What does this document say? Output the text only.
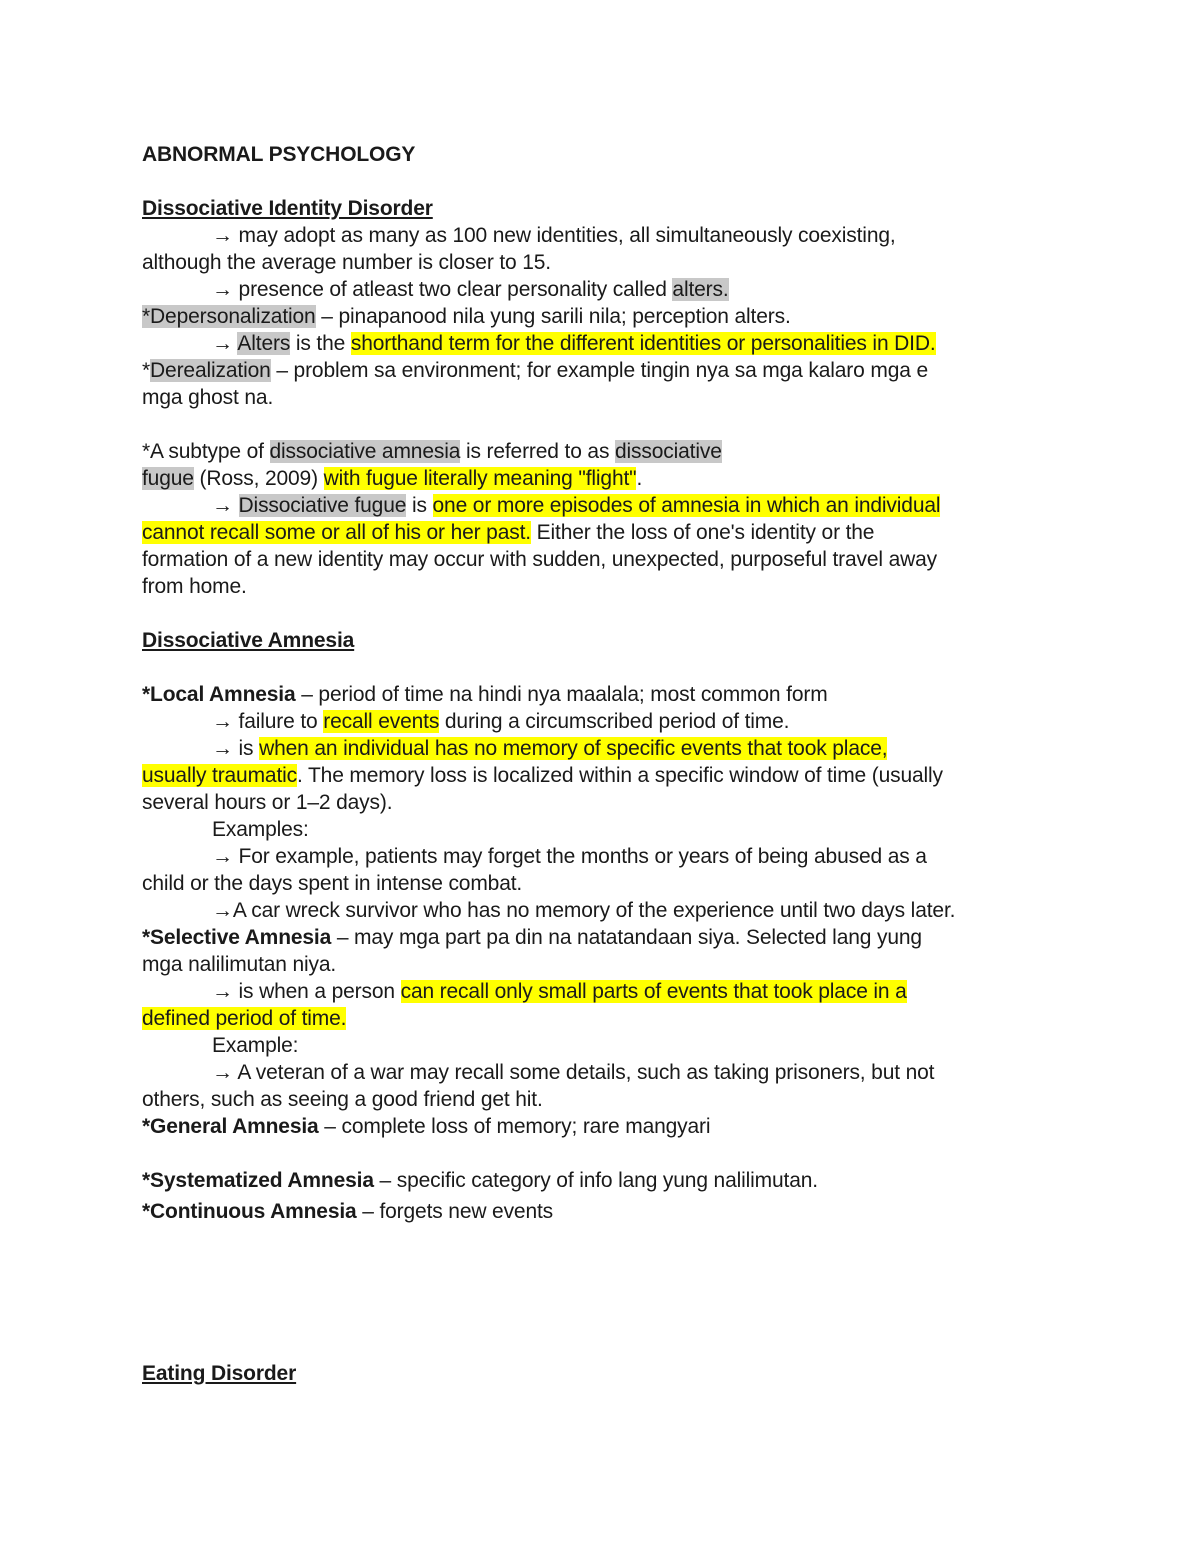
ABNORMAL PSYCHOLOGY
Dissociative Identity Disorder
→ may adopt as many as 100 new identities, all simultaneously coexisting,
although the average number is closer to 15.
→ presence of atleast two clear personality called alters.
*Depersonalization – pinapanood nila yung sarili nila; perception alters.
→ Alters is the shorthand term for the different identities or personalities in DID.
*Derealization – problem sa environment; for example tingin nya sa mga kalaro mga e
mga ghost na.
*A subtype of dissociative amnesia is referred to as dissociative
fugue (Ross, 2009) with fugue literally meaning "flight".
→ Dissociative fugue is one or more episodes of amnesia in which an individual
cannot recall some or all of his or her past. Either the loss of one's identity or the
formation of a new identity may occur with sudden, unexpected, purposeful travel away
from home.
Dissociative Amnesia
*Local Amnesia – period of time na hindi nya maalala; most common form
→ failure to recall events during a circumscribed period of time.
→ is when an individual has no memory of specific events that took place,
usually traumatic. The memory loss is localized within a specific window of time (usually
several hours or 1–2 days).
Examples:
→ For example, patients may forget the months or years of being abused as a
child or the days spent in intense combat.
→A car wreck survivor who has no memory of the experience until two days later.
*Selective Amnesia – may mga part pa din na natatandaan siya. Selected lang yung
mga nalilimutan niya.
→ is when a person can recall only small parts of events that took place in a
defined period of time.
Example:
→ A veteran of a war may recall some details, such as taking prisoners, but not
others, such as seeing a good friend get hit.
*General Amnesia – complete loss of memory; rare mangyari
*Systematized Amnesia – specific category of info lang yung nalilimutan.
*Continuous Amnesia – forgets new events
Eating Disorder
